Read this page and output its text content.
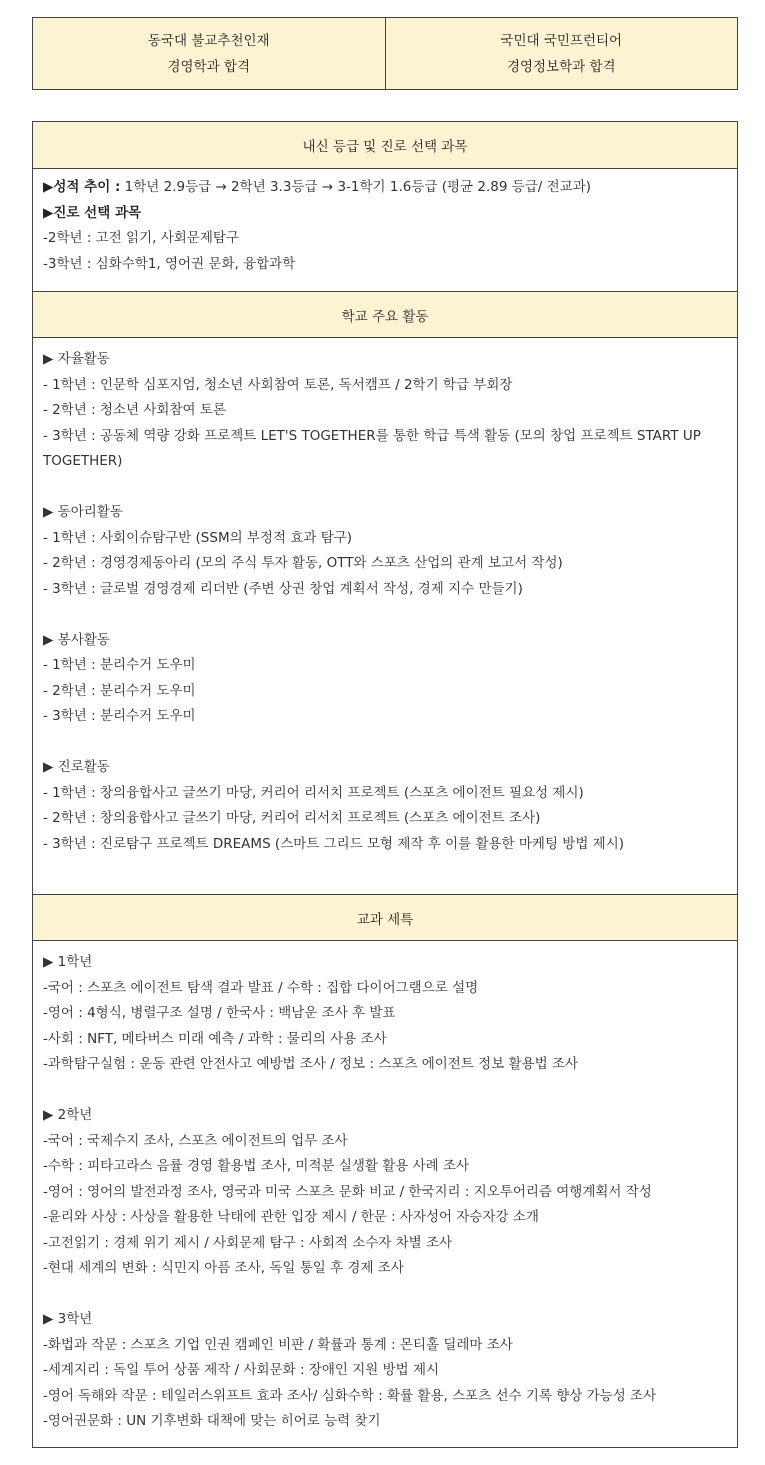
동국대 불교추천인재
경영학과 합격
국민대 국민프런티어
경영정보학과 합격
내신 등급 및 진로 선택 과목
▶성적 추이 : 1학년 2.9등급 → 2학년 3.3등급 → 3-1학기 1.6등급 (평균 2.89 등급/ 전교과)
▶진로 선택 과목
-2학년 : 고전 읽기, 사회문제탐구
-3학년 : 심화수학1, 영어권 문화, 융합과학
학교 주요 활동
▶ 자율활동
- 1학년 : 인문학 심포지엄, 청소년 사회참여 토론, 독서캠프 / 2학기 학급 부회장
- 2학년 : 청소년 사회참여 토론
- 3학년 : 공동체 역량 강화 프로젝트 LET'S TOGETHER를 통한 학급 특색 활동 (모의 창업 프로젝트 START UP TOGETHER)
▶ 동아리활동
- 1학년 : 사회이슈탐구반 (SSM의 부정적 효과 탐구)
- 2학년 : 경영경제동아리 (모의 주식 투자 활동, OTT와 스포츠 산업의 관계 보고서 작성)
- 3학년 : 글로벌 경영경제 리더반 (주변 상권 창업 계획서 작성, 경제 지수 만들기)
▶ 봉사활동
- 1학년 : 분리수거 도우미
- 2학년 : 분리수거 도우미
- 3학년 : 분리수거 도우미
▶ 진로활동
- 1학년 : 창의융합사고 글쓰기 마당, 커리어 리서치 프로젝트 (스포츠 에이전트 필요성 제시)
- 2학년 : 창의융합사고 글쓰기 마당, 커리어 리서치 프로젝트 (스포츠 에이전트 조사)
- 3학년 : 진로탐구 프로젝트 DREAMS (스마트 그리드 모형 제작 후 이를 활용한 마케팅 방법 제시)
교과 세특
▶ 1학년
-국어 : 스포츠 에이전트 탐색 결과 발표 / 수학 : 집합 다이어그램으로 설명
-영어 : 4형식, 병렬구조 설명 / 한국사 : 백남운 조사 후 발표
-사회 : NFT, 메타버스 미래 예측 / 과학 : 물리의 사용 조사
-과학탐구실험 : 운동 관련 안전사고 예방법 조사 / 정보 : 스포츠 에이전트 정보 활용법 조사
▶ 2학년
-국어 : 국제수지 조사, 스포츠 에이전트의 업무 조사
-수학 : 피타고라스 음률 경영 활용법 조사, 미적분 실생활 활용 사례 조사
-영어 : 영어의 발전과정 조사, 영국과 미국 스포츠 문화 비교 / 한국지리 : 지오투어리즘 여행계획서 작성
-윤리와 사상 : 사상을 활용한 낙태에 관한 입장 제시 / 한문 : 사자성어 자승자강 소개
-고전읽기 : 경제 위기 제시 / 사회문제 탐구 : 사회적 소수자 차별 조사
-현대 세계의 변화 : 식민지 아픔 조사, 독일 통일 후 경제 조사
▶ 3학년
-화법과 작문 : 스포츠 기업 인권 캠페인 비판 / 확률과 통계 : 몬티홀 딜레마 조사
-세계지리 : 독일 투어 상품 제작 / 사회문화 : 장애인 지원 방법 제시
-영어 독해와 작문 : 테일러스위프트 효과 조사/ 심화수학 : 확률 활용, 스포츠 선수 기록 향상 가능성 조사
-영어권문화 : UN 기후변화 대책에 맞는 히어로 능력 찾기
